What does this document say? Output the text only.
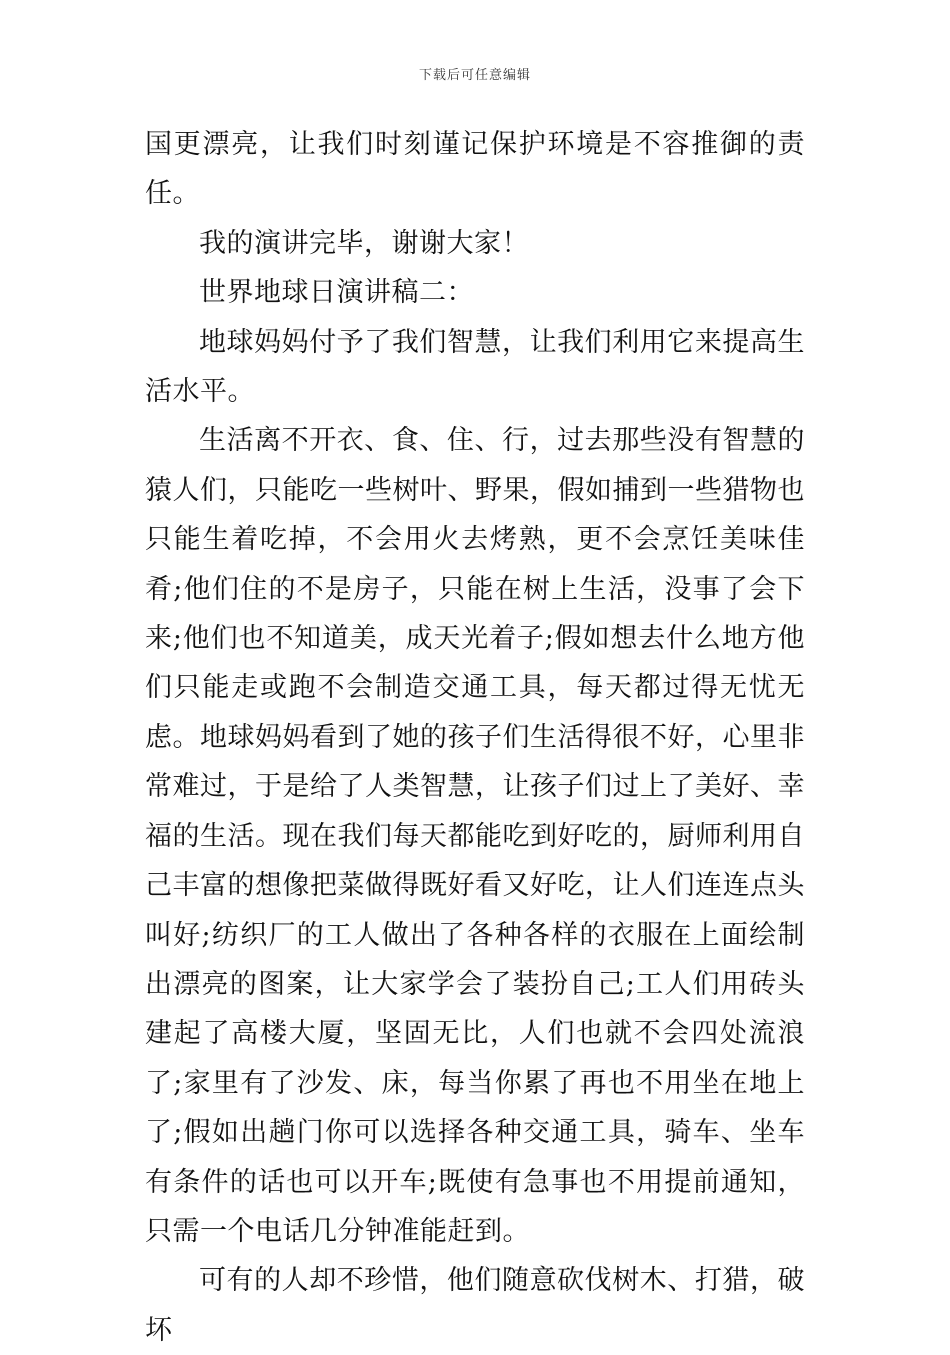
下载后可任意编辑

国更漂亮，让我们时刻谨记保护环境是不容推御的责任。

我的演讲完毕，谢谢大家！

世界地球日演讲稿二：

地球妈妈付予了我们智慧，让我们利用它来提高生活水平。

生活离不开衣、食、住、行，过去那些没有智慧的猿人们，只能吃一些树叶、野果，假如捕到一些猎物也只能生着吃掉，不会用火去烤熟，更不会烹饪美味佳肴;他们住的不是房子，只能在树上生活，没事了会下来;他们也不知道美，成天光着子;假如想去什么地方他们只能走或跑不会制造交通工具，每天都过得无忧无虑。地球妈妈看到了她的孩子们生活得很不好，心里非常难过，于是给了人类智慧，让孩子们过上了美好、幸福的生活。现在我们每天都能吃到好吃的，厨师利用自己丰富的想像把菜做得既好看又好吃，让人们连连点头叫好;纺织厂的工人做出了各种各样的衣服在上面绘制出漂亮的图案，让大家学会了装扮自己;工人们用砖头建起了高楼大厦，坚固无比，人们也就不会四处流浪了;家里有了沙发、床，每当你累了再也不用坐在地上了;假如出趟门你可以选择各种交通工具，骑车、坐车有条件的话也可以开车;既使有急事也不用提前通知，只需一个电话几分钟准能赶到。

可有的人却不珍惜，他们随意砍伐树木、打猎，破坏
